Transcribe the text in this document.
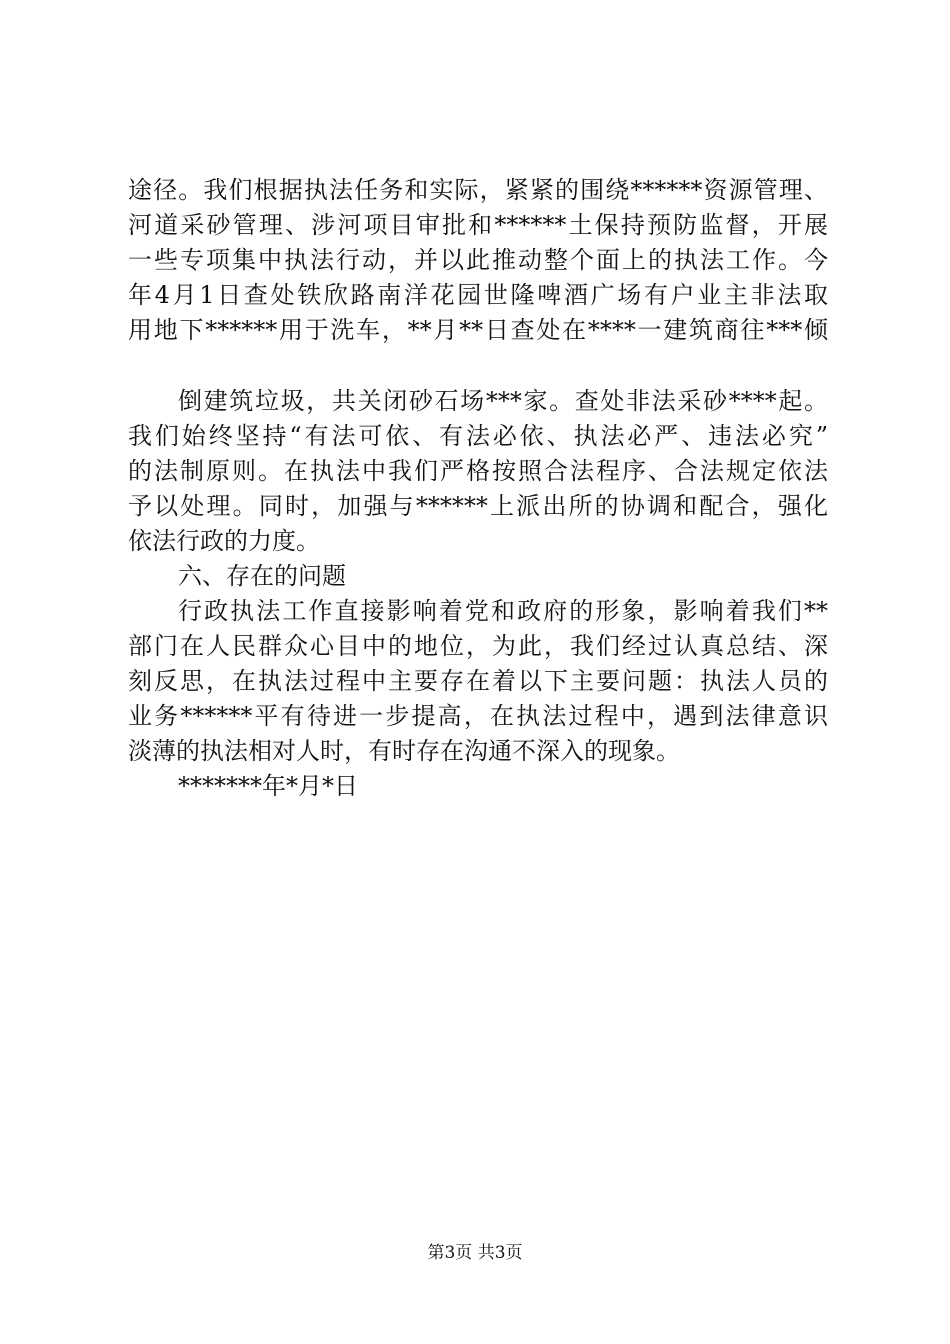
途径。我们根据执法任务和实际，紧紧的围绕******资源管理、
河道采砂管理、涉河项目审批和******土保持预防监督，开展
一些专项集中执法行动，并以此推动整个面上的执法工作。今
年4月1日查处铁欣路南洋花园世隆啤酒广场有户业主非法取
用地下******用于洗车，**月**日查处在****一建筑商往***倾
倒建筑垃圾，共关闭砂石场***家。查处非法采砂****起。
我们始终坚持“有法可依、有法必依、执法必严、违法必究”
的法制原则。在执法中我们严格按照合法程序、合法规定依法
予以处理。同时，加强与******上派出所的协调和配合，强化
依法行政的力度。
六、存在的问题
行政执法工作直接影响着党和政府的形象，影响着我们**
部门在人民群众心目中的地位，为此，我们经过认真总结、深
刻反思，在执法过程中主要存在着以下主要问题：执法人员的
业务******平有待进一步提高，在执法过程中，遇到法律意识
淡薄的执法相对人时，有时存在沟通不深入的现象。
*******年*月*日
第3页 共3页
